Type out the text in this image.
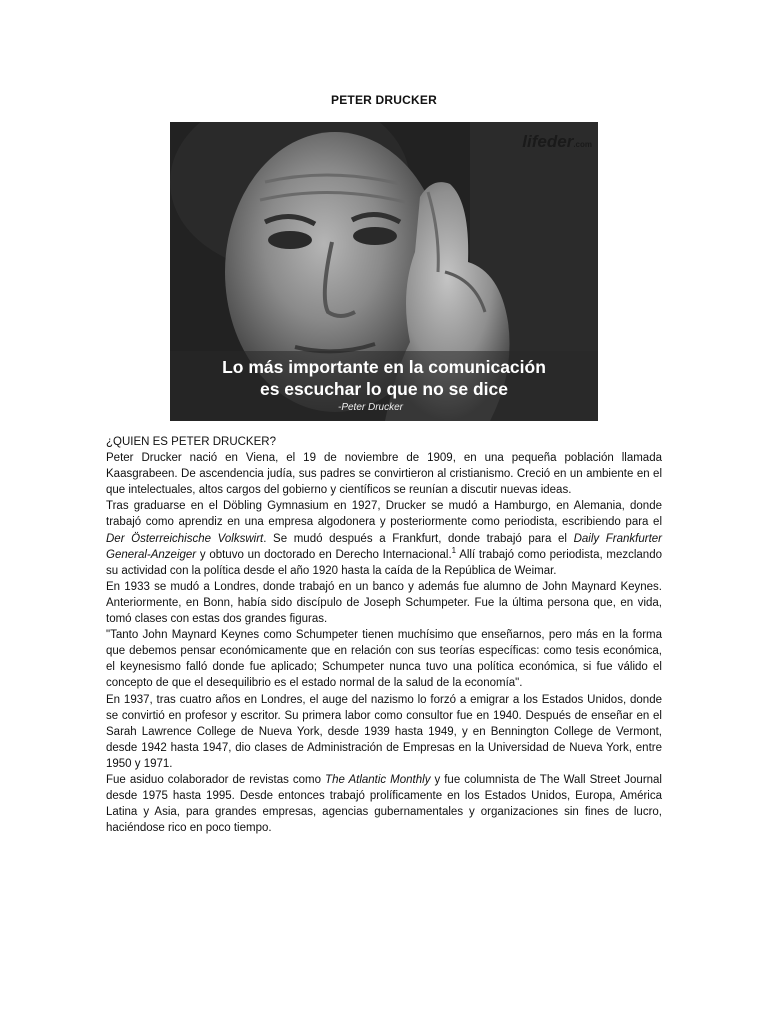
PETER DRUCKER
lifeder.com
Lo más importante en la comunicación
es escuchar lo que no se dice
-Peter Drucker

¿QUIEN ES PETER DRUCKER?

Peter Drucker nació en Viena, el 19 de noviembre de 1909, en una pequeña población llamada Kaasgrabeen. De ascendencia judía, sus padres se convirtieron al cristianismo. Creció en un ambiente en el que intelectuales, altos cargos del gobierno y científicos se reunían a discutir nuevas ideas.

Tras graduarse en el Döbling Gymnasium en 1927, Drucker se mudó a Hamburgo, en Alemania, donde trabajó como aprendiz en una empresa algodonera y posteriormente como periodista, escribiendo para el Der Österreichische Volkswirt. Se mudó después a Frankfurt, donde trabajó para el Daily Frankfurter General-Anzeiger y obtuvo un doctorado en Derecho Internacional.$^1$ Allí trabajó como periodista, mezclando su actividad con la política desde el año 1920 hasta la caída de la República de Weimar.

En 1933 se mudó a Londres, donde trabajó en un banco y además fue alumno de John Maynard Keynes. Anteriormente, en Bonn, había sido discípulo de Joseph Schumpeter. Fue la última persona que, en vida, tomó clases con estas dos grandes figuras.

"Tanto John Maynard Keynes como Schumpeter tienen muchísimo que enseñarnos, pero más en la forma que debemos pensar económicamente que en relación con sus teorías específicas: como tesis económica, el keynesismo falló donde fue aplicado; Schumpeter nunca tuvo una política económica, si fue válido el concepto de que el desequilibrio es el estado normal de la salud de la economía".

En 1937, tras cuatro años en Londres, el auge del nazismo lo forzó a emigrar a los Estados Unidos, donde se convirtió en profesor y escritor. Su primera labor como consultor fue en 1940. Después de enseñar en el Sarah Lawrence College de Nueva York, desde 1939 hasta 1949, y en Bennington College de Vermont, desde 1942 hasta 1947, dio clases de Administración de Empresas en la Universidad de Nueva York, entre 1950 y 1971.

Fue asiduo colaborador de revistas como The Atlantic Monthly y fue columnista de The Wall Street Journal desde 1975 hasta 1995. Desde entonces trabajó prolíficamente en los Estados Unidos, Europa, América Latina y Asia, para grandes empresas, agencias gubernamentales y organizaciones sin fines de lucro, haciéndose rico en poco tiempo.
